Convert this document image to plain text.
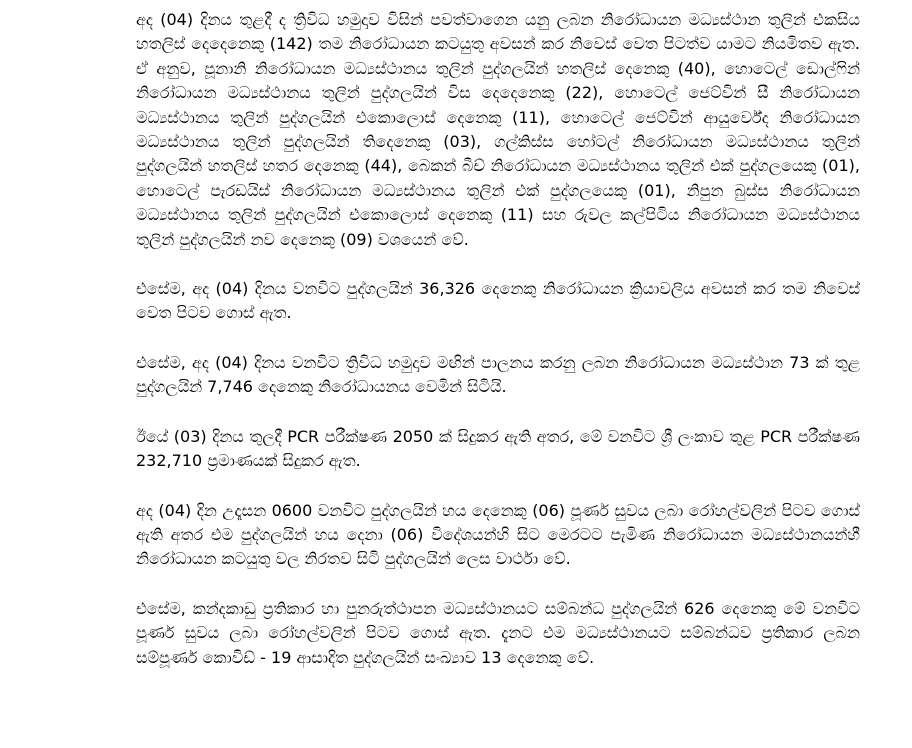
අද (04) දිනය තුළදී ද ත්‍රිවිධ හමුදාව විසින් පවත්වාගෙන යනු ලබන නිරෝධායන මධ්‍යස්ථාන තුලින් එකසිය හතලිස් දෙදෙනෙකු (142) තම නිරෝධායන කටයුතු අවසන් කර නිවෙස් වෙත පිටත්ව යාමට නියමිතව ඇත. ඒ අනුව, පූනානි නිරෝධායන මධ්‍යස්ථානය තුලින් පුද්ගලයින් හතලිස් දෙනෙකු (40), හොටෙල් ඩොල්ෆින් නිරෝධායන මධ්‍යස්ථානය තුලින් පුද්ගලයින් විස දෙදෙනෙකු (22), හොටෙල් ජෙට්වින් සී නිරෝධායන මධ්‍යස්ථානය තුලින් පුද්ගලයින් එකොලොස් දෙනෙකු (11), හොටෙල් ජෙට්වින් ආයුර්වේද නිරෝධායන මධ්‍යස්ථානය තුලින් පුද්ගලයින් තිදෙනෙකු (03), ගල්කිස්ස හෝටල් නිරෝධායන මධ්‍යස්ථානය තුලින් පුද්ගලයින් හතලිස් හතර දෙනෙකු (44), බෙකන් බීච් නිරෝධායන මධ්‍යස්ථානය තුලින් එක් පුද්ගලයෙකු (01), හොටෙල් පැරඩයිස් නිරෝධායන මධ්‍යස්ථානය තුලින් එක් පුද්ගලයෙකු (01), නිපුන බුස්ස නිරෝධායන මධ්‍යස්ථානය තුලින් පුද්ගලයින් එකොලොස් දෙනෙකු (11) සහ රුවල කල්පිටිය නිරෝධායන මධ්‍යස්ථානය තුලින් පුද්ගලයින් නව දෙනෙකු (09) වශයෙන් වේ.

එසේම, අද (04) දිනය වනවිට පුද්ගලයින් 36,326 දෙනෙකු නිරෝධායන ක්‍රියාවලිය අවසන් කර තම නිවෙස් වෙත පිටව ගොස් ඇත.

එසේම, අද (04) දිනය වනවිට ත්‍රිවිධ හමුදාව මඟින් පාලනය කරනු ලබන නිරෝධායන මධ්‍යස්ථාන 73 ක් තුළ පුද්ගලයින් 7,746 දෙනෙකු නිරෝධායනය වෙමින් සිටියි.

ඊයේ (03) දිනය තුලදී PCR පරීක්ෂණ 2050 ක් සිදුකර ඇති අතර, මේ වනවිට ශ්‍රී ලංකාව තුළ PCR පරීක්ෂණ 232,710 ප්‍රමාණයක් සිදුකර ඇත.

අද (04) දින උදෑසන 0600 වනවිට පුද්ගලයින් හය දෙනෙකු (06) පූර්ණ සුවය ලබා රෝහල්වලින් පිටව ගොස් ඇති අතර එම පුද්ගලයින් හය දෙනා (06) විදේශයන්හි සිට මෙරටට පැමිණ නිරෝධායන මධ්‍යස්ථානයන්හී නිරෝධායන කටයුතු වල නිරතව සිටි පුද්ගලයින් ලෙස වාර්ථා වේ.

එසේම, කන්දකාඩු ප්‍රතිකාර හා පුනරුත්ථාපන මධ්‍යස්ථානයට සම්බන්ධ පුද්ගලයින් 626 දෙනෙකු මේ වනවිට පූර්ණ සුවය ලබා රෝහල්වලින් පිටව ගොස් ඇත. දැනට එම මධ්‍යස්ථානයට සම්බන්ධව ප්‍රතිකාර ලබන සම්පූර්ණ කොවිඩ් - 19 ආසාදිත පුද්ගලයින් සංඛ්‍යාව 13 දෙනෙකු වේ.
